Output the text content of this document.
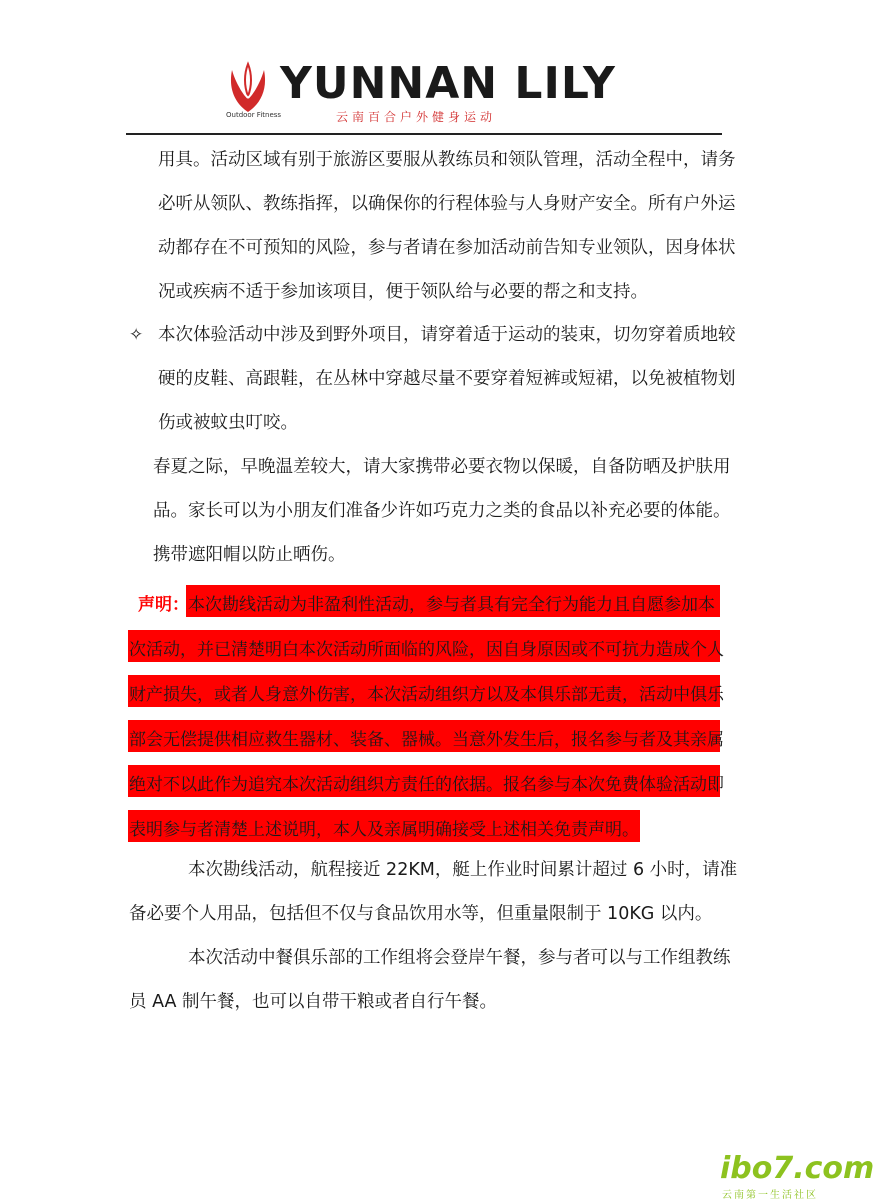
Outdoor Fitness
YUNNAN LILY
云南百合户外健身运动
用具。活动区域有别于旅游区要服从教练员和领队管理，活动全程中，请务
必听从领队、教练指挥，以确保你的行程体验与人身财产安全。所有户外运
动都存在不可预知的风险，参与者请在参加活动前告知专业领队，因身体状
况或疾病不适于参加该项目，便于领队给与必要的帮之和支持。
✧ 本次体验活动中涉及到野外项目，请穿着适于运动的装束，切勿穿着质地较
硬的皮鞋、高跟鞋，在丛林中穿越尽量不要穿着短裤或短裙，以免被植物划
伤或被蚊虫叮咬。
春夏之际，早晚温差较大，请大家携带必要衣物以保暖，自备防晒及护肤用
品。家长可以为小朋友们准备少许如巧克力之类的食品以补充必要的体能。
携带遮阳帽以防止晒伤。
声明： 本次勘线活动为非盈利性活动，参与者具有完全行为能力且自愿参加本
次活动，并已清楚明白本次活动所面临的风险，因自身原因或不可抗力造成个人
财产损失，或者人身意外伤害，本次活动组织方以及本俱乐部无责，活动中俱乐
部会无偿提供相应救生器材、装备、器械。当意外发生后，报名参与者及其亲属
绝对不以此作为追究本次活动组织方责任的依据。报名参与本次免费体验活动即
表明参与者清楚上述说明，本人及亲属明确接受上述相关免责声明。
本次勘线活动，航程接近 22KM，艇上作业时间累计超过 6 小时，请准
备必要个人用品，包括但不仅与食品饮用水等，但重量限制于 10KG 以内。
本次活动中餐俱乐部的工作组将会登岸午餐，参与者可以与工作组教练
员 AA 制午餐，也可以自带干粮或者自行午餐。
ibo7.com
云南第一生活社区
